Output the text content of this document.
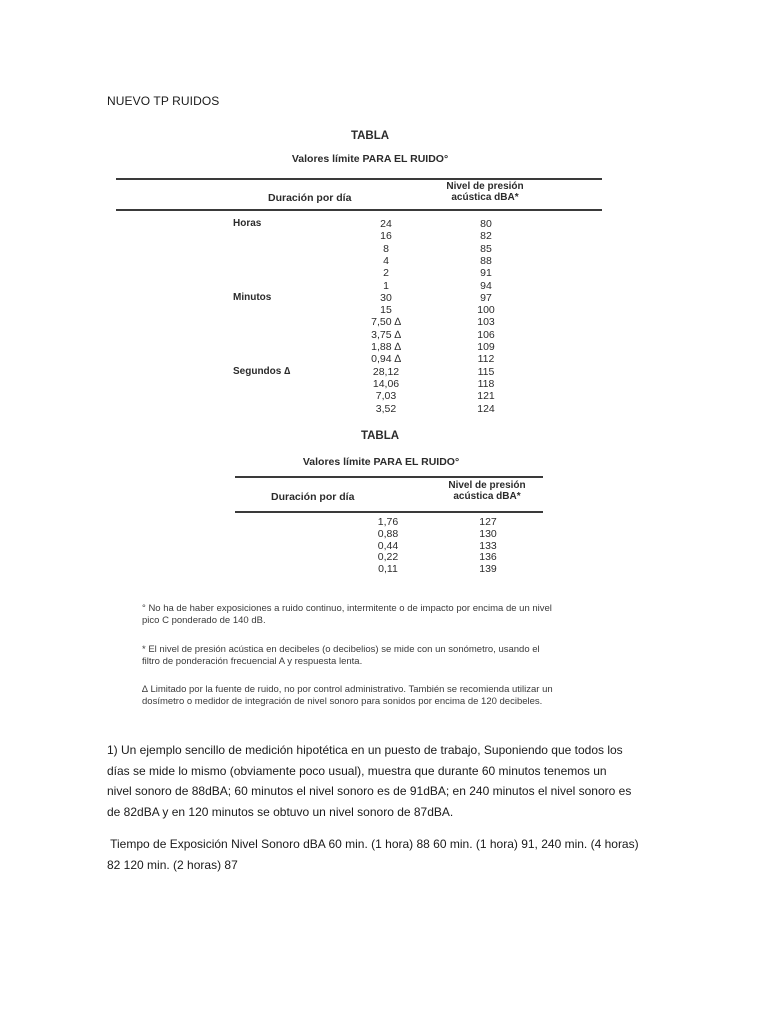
NUEVO TP RUIDOS
TABLA
Valores límite PARA EL RUIDO°
Duración por día
Nivel de presión
acústica dBA*
Horas	24	80
16	82
8	85
4	88
2	91
1	94
Minutos	30	97
15	100
7,50 ∆	103
3,75 ∆	106
1,88 ∆	109
0,94 ∆	112
Segundos ∆	28,12	115
14,06	118
7,03	121
3,52	124
TABLA
Valores límite PARA EL RUIDO°
Duración por día
Nivel de presión
acústica dBA*
1,76	127
0,88	130
0,44	133
0,22	136
0,11	139
° No ha de haber exposiciones a ruido continuo, intermitente o de impacto por encima de un nivel
pico C ponderado de 140 dB.
* El nivel de presión acústica en decibeles (o decibelios) se mide con un sonómetro, usando el
filtro de ponderación frecuencial A y respuesta lenta.
∆ Limitado por la fuente de ruido, no por control administrativo. También se recomienda utilizar un
dosímetro o medidor de integración de nivel sonoro para sonidos por encima de 120 decibeles.
1) Un ejemplo sencillo de medición hipotética en un puesto de trabajo, Suponiendo que todos los
días se mide lo mismo (obviamente poco usual), muestra que durante 60 minutos tenemos un
nivel sonoro de 88dBA; 60 minutos el nivel sonoro es de 91dBA; en 240 minutos el nivel sonoro es
de 82dBA y en 120 minutos se obtuvo un nivel sonoro de 87dBA.
Tiempo de Exposición Nivel Sonoro dBA 60 min. (1 hora) 88 60 min. (1 hora) 91, 240 min. (4 horas)
82 120 min. (2 horas) 87
